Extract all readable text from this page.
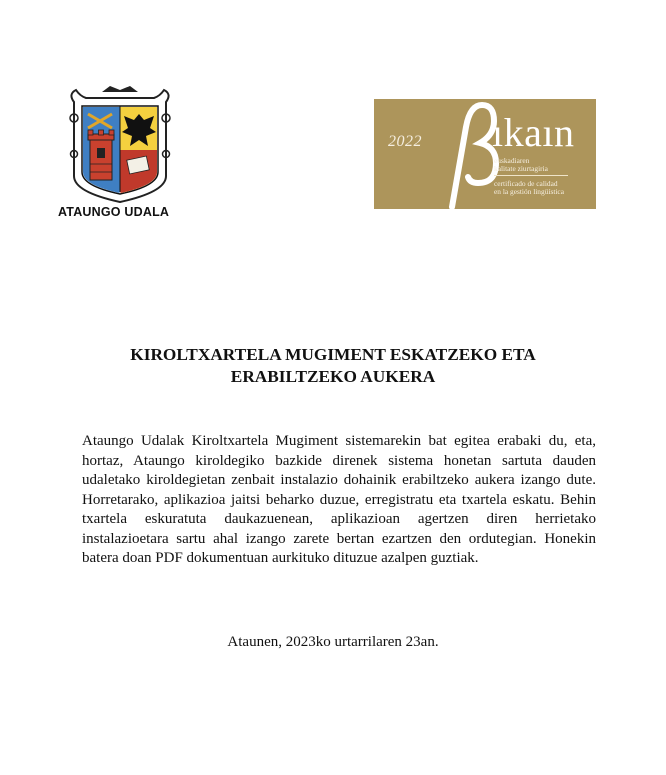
ATAUNGO UDALA
2022 ıkaın
euskadiaren
kalitate ziurtagiria
certificado de calidad
en la gestión lingüística
KIROLTXARTELA MUGIMENT ESKATZEKO ETA
ERABILTZEKO AUKERA

Ataungo Udalak Kiroltxartela Mugiment sistemarekin bat egitea erabaki du, eta, hortaz, Ataungo kiroldegiko bazkide direnek sistema honetan sartuta dauden udaletako kiroldegietan zenbait instalazio dohainik erabiltzeko aukera izango dute. Horretarako, aplikazioa jaitsi beharko duzue, erregistratu eta txartela eskatu. Behin txartela eskuratuta daukazuenean, aplikazioan agertzen diren herrietako instalazioetara sartu ahal izango zarete bertan ezartzen den ordutegian. Honekin batera doan PDF dokumentuan aurkituko dituzue azalpen guztiak.

Ataunen, 2023ko urtarrilaren 23an.
